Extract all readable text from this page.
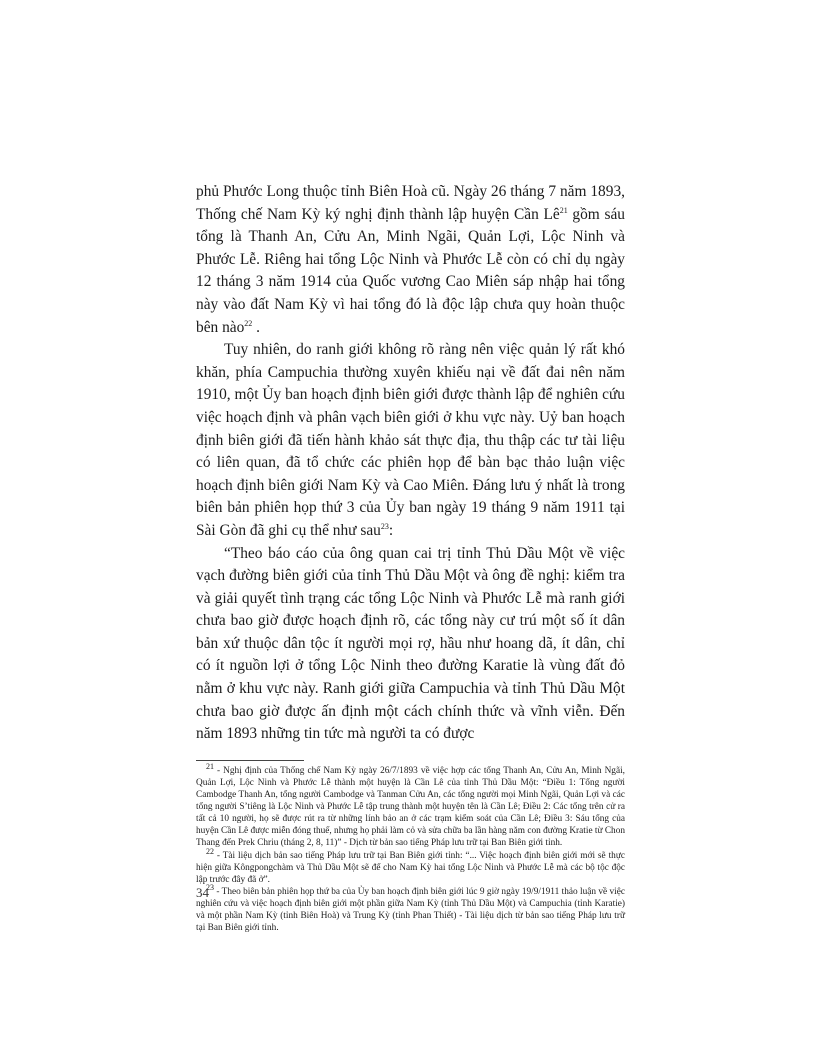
phủ Phước Long thuộc tỉnh Biên Hoà cũ. Ngày 26 tháng 7 năm 1893, Thống chế Nam Kỳ ký nghị định thành lập huyện Cần $Lê^{21}$ gồm sáu tổng là Thanh An, Cửu An, Minh Ngãi, Quản Lợi, Lộc Ninh và Phước Lễ. Riêng hai tổng Lộc Ninh và Phước Lễ còn có chỉ dụ ngày 12 tháng 3 năm 1914 của Quốc vương Cao Miên sáp nhập hai tổng này vào đất Nam Kỳ vì hai tổng đó là độc lập chưa quy hoàn thuộc bên nào$^{22}$ .

Tuy nhiên, do ranh giới không rõ ràng nên việc quản lý rất khó khăn, phía Campuchia thường xuyên khiếu nại về đất đai nên năm 1910, một Ủy ban hoạch định biên giới được thành lập để nghiên cứu việc hoạch định và phân vạch biên giới ở khu vực này. Uỷ ban hoạch định biên giới đã tiến hành khảo sát thực địa, thu thập các tư tài liệu có liên quan, đã tổ chức các phiên họp để bàn bạc thảo luận việc hoạch định biên giới Nam Kỳ và Cao Miên. Đáng lưu ý nhất là trong biên bản phiên họp thứ 3 của Ủy ban ngày 19 tháng 9 năm 1911 tại Sài Gòn đã ghi cụ thể như sau$^{23}$:

“Theo báo cáo của ông quan cai trị tỉnh Thủ Dầu Một về việc vạch đường biên giới của tỉnh Thủ Dầu Một và ông đề nghị: kiểm tra và giải quyết tình trạng các tổng Lộc Ninh và Phước Lễ mà ranh giới chưa bao giờ được hoạch định rõ, các tổng này cư trú một số ít dân bản xứ thuộc dân tộc ít người mọi rợ, hầu như hoang dã, ít dân, chỉ có ít nguồn lợi ở tổng Lộc Ninh theo đường Karatie là vùng đất đỏ nằm ở khu vực này. Ranh giới giữa Campuchia và tỉnh Thủ Dầu Một chưa bao giờ được ấn định một cách chính thức và vĩnh viễn. Đến năm 1893 những tin tức mà người ta có được

$^{21}$ - Nghị định của Thống chế Nam Kỳ ngày 26/7/1893 về việc hợp các tổng Thanh An, Cửu An, Minh Ngãi, Quản Lợi, Lộc Ninh và Phước Lễ thành một huyện là Cần Lê của tỉnh Thủ Dầu Một: “Điều 1: Tổng người Cambodge Thanh An, tổng người Cambodge và Tanman Cửu An, các tổng người mọi Minh Ngãi, Quản Lợi và các tổng người S’tiêng là Lộc Ninh và Phước Lễ tập trung thành một huyện tên là Cần Lê; Điều 2: Các tổng trên cử ra tất cả 10 người, họ sẽ được rút ra từ những lính bảo an ở các trạm kiểm soát của Cần Lê; Điều 3: Sáu tổng của huyện Cần Lê được miễn đóng thuế, nhưng họ phải làm cỏ và sửa chữa ba lần hàng năm con đường Kratie từ Chon Thang đến Prek Chriu (tháng 2, 8, 11)” - Dịch từ bản sao tiếng Pháp lưu trữ tại Ban Biên giới tỉnh.

$^{22}$ - Tài liệu dịch bản sao tiếng Pháp lưu trữ tại Ban Biên giới tỉnh: “... Việc hoạch định biên giới mới sẽ thực hiện giữa Kôngpongchàm và Thủ Dầu Một sẽ để cho Nam Kỳ hai tổng Lộc Ninh và Phước Lễ mà các bộ tộc độc lập trước đây đã ở”.

$^{23}$ - Theo biên bản phiên họp thứ ba của Ủy ban hoạch định biên giới lúc 9 giờ ngày 19/9/1911 thảo luận về việc nghiên cứu và việc hoạch định biên giới một phần giữa Nam Kỳ (tỉnh Thủ Dầu Một) và Campuchia (tỉnh Karatie) và một phần Nam Kỳ (tỉnh Biên Hoà) và Trung Kỳ (tỉnh Phan Thiết) - Tài liệu dịch từ bản sao tiếng Pháp lưu trữ tại Ban Biên giới tỉnh.

34
